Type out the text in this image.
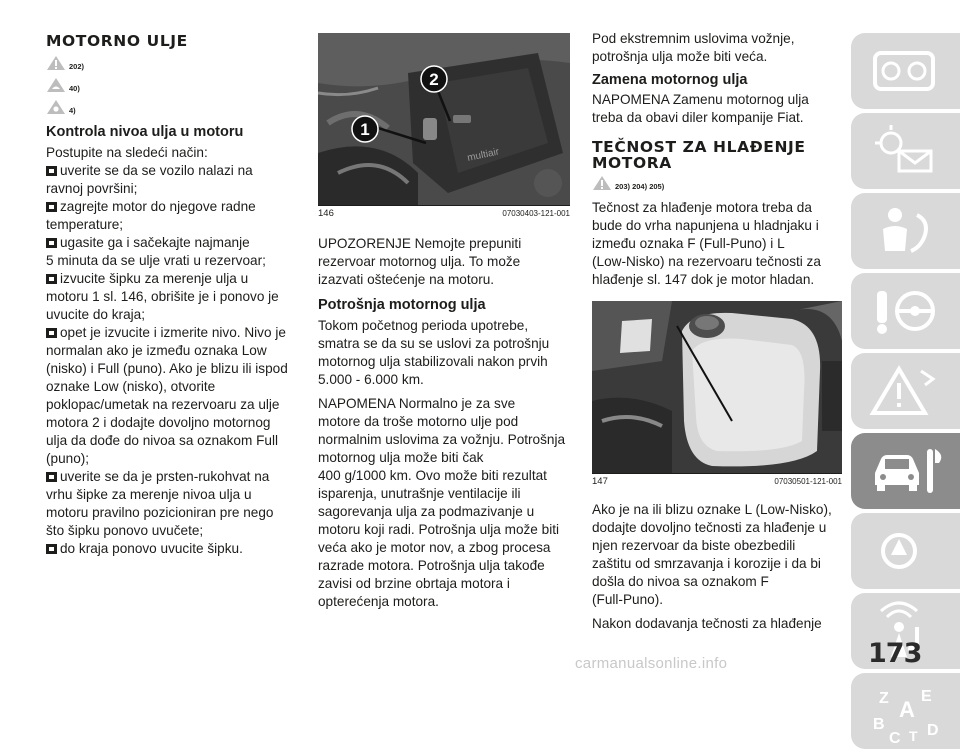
MOTORNO ULJE
202)
40)
4)
Kontrola nivoa ulja u motoru

Postupite na sledeći način:

uverite se da se vozilo nalazi na
ravnoj površini;
zagrejte motor do njegove radne
temperature;
ugasite ga i sačekajte najmanje
5 minuta da se ulje vrati u rezervoar;
izvucite šipku za merenje ulja u
motoru 1 sl. 146, obrišite je i ponovo je
uvucite do kraja;
opet je izvucite i izmerite nivo. Nivo je
normalan ako je između oznaka Low
(nisko) i Full (puno). Ako je blizu ili ispod
oznake Low (nisko), otvorite
poklopac/umetak na rezervoaru za ulje
motora 2 i dodajte dovoljno motornog
ulja da dođe do nivoa sa oznakom Full
(puno);
uverite se da je prsten-rukohvat na
vrhu šipke za merenje nivoa ulja u
motoru pravilno pozicioniran pre nego
što šipku ponovo uvučete;
do kraja ponovo uvucite šipku.
multiair
1
2
146	07030403-121-001
UPOZORENJE Nemojte prepuniti
rezervoar motornog ulja. To može
izazvati oštećenje na motoru.
Potrošnja motornog ulja
Tokom početnog perioda upotrebe,
smatra se da su se uslovi za potrošnju
motornog ulja stabilizovali nakon prvih
5.000 - 6.000 km.
NAPOMENA Normalno je za sve
motore da troše motorno ulje pod
normalnim uslovima za vožnju. Potrošnja
motornog ulja može biti čak
400 g/1000 km. Ovo može biti rezultat
isparenja, unutrašnje ventilacije ili
sagorevanja ulja za podmazivanje u
motoru koji radi. Potrošnja ulja može biti
veća ako je motor nov, a zbog procesa
razrade motora. Potrošnja ulja takođe
zavisi od brzine obrtaja motora i
opterećenja motora.
Pod ekstremnim uslovima vožnje,
potrošnja ulja može biti veća.
Zamena motornog ulja
NAPOMENA Zamenu motornog ulja
treba da obavi diler kompanije Fiat.
TEČNOST ZA HLAĐENJE
MOTORA
203) 204) 205)
Tečnost za hlađenje motora treba da
bude do vrha napunjena u hladnjaku i
između oznaka F (Full-Puno) i L
(Low-Nisko) na rezervoaru tečnosti za
hlađenje sl. 147 dok je motor hladan.
147	07030501-121-001
Ako je na ili blizu oznake L (Low-Nisko),
dodajte dovoljno tečnosti za hlađenje u
njen rezervoar da biste obezbedili
zaštitu od smrzavanja i korozije i da bi
došla do nivoa sa oznakom F
(Full-Puno).

Nakon dodavanja tečnosti za hlađenje

Z E
A
B
C T D
173
carmanualsonline.info
